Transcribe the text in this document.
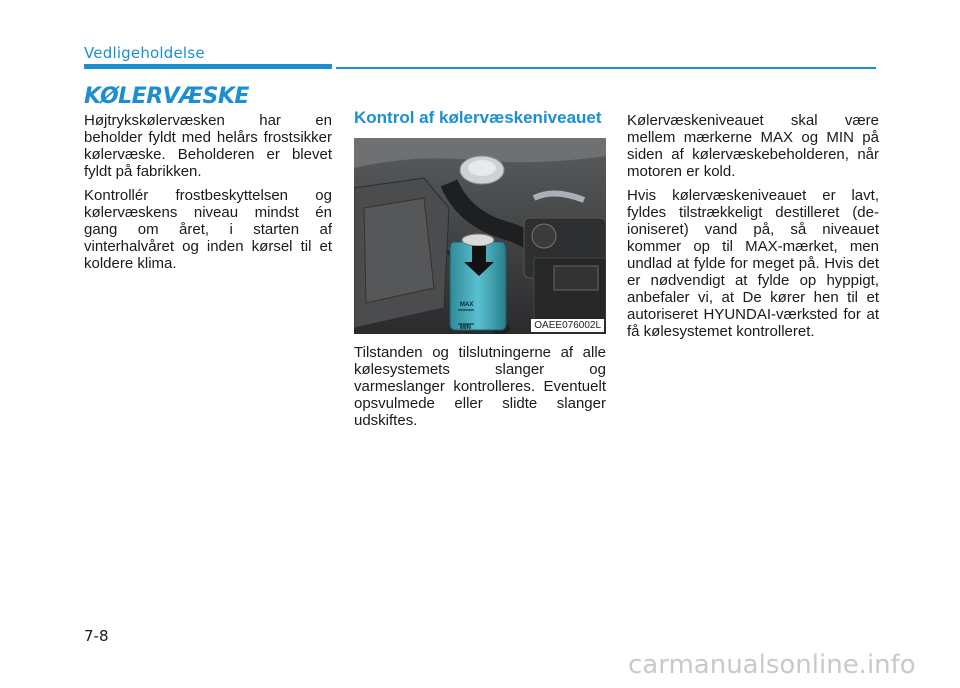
Vedligeholdelse
KØLERVÆSKE

Højtrykskølervæsken har en beholder fyldt med helårs frostsikker kølervæske. Beholderen er blevet fyldt på fabrikken.

Kontrollér frostbeskyttelsen og kølervæskens niveau mindst én gang om året, i starten af vinterhalvåret og inden kørsel til et koldere klima.

Kontrol af kølervæskeniveauet
MAX
MIN	OAEE076002L

Tilstanden og tilslutningerne af alle kølesystemets slanger og varmeslanger kontrolleres. Eventuelt opsvulmede eller slidte slanger udskiftes.

Kølervæskeniveauet skal være mellem mærkerne MAX og MIN på siden af kølervæskebeholderen, når motoren er kold.

Hvis kølervæskeniveauet er lavt, fyldes tilstrækkeligt destilleret (de-ioniseret) vand på, så niveauet kommer op til MAX-mærket, men undlad at fylde for meget på. Hvis det er nødvendigt at fylde op hyppigt, anbefaler vi, at De kører hen til et autoriseret HYUNDAI-værksted for at få kølesystemet kontrolleret.

7-8
carmanualsonline.info
